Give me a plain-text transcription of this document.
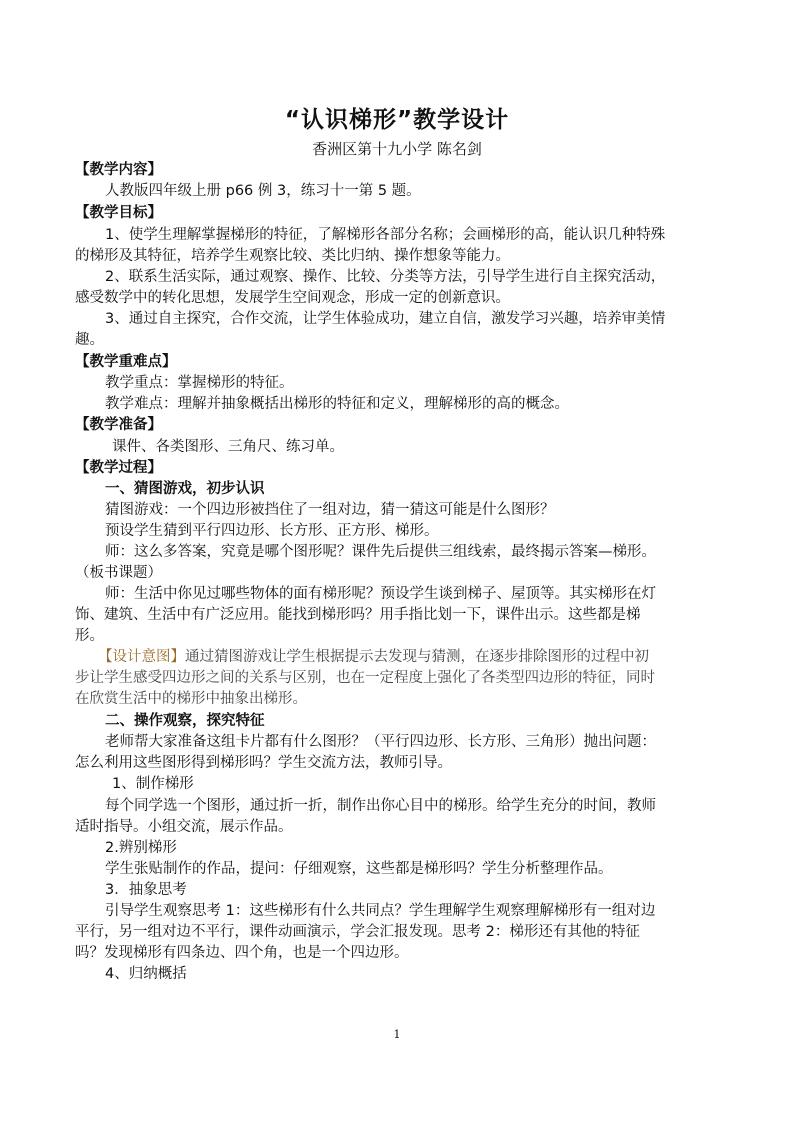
“认识梯形”教学设计
香洲区第十九小学 陈名剑
【教学内容】
人教版四年级上册 p66 例 3，练习十一第 5 题。
【教学目标】
1、使学生理解掌握梯形的特征，了解梯形各部分名称；会画梯形的高，能认识几种特殊
的梯形及其特征，培养学生观察比较、类比归纳、操作想象等能力。
2、联系生活实际，通过观察、操作、比较、分类等方法，引导学生进行自主探究活动，
感受数学中的转化思想，发展学生空间观念，形成一定的创新意识。
3、通过自主探究，合作交流，让学生体验成功，建立自信，激发学习兴趣，培养审美情
趣。
【教学重难点】
教学重点：掌握梯形的特征。
教学难点：理解并抽象概括出梯形的特征和定义，理解梯形的高的概念。
【教学准备】
课件、各类图形、三角尺、练习单。
【教学过程】
一、猜图游戏，初步认识
猜图游戏：一个四边形被挡住了一组对边，猜一猜这可能是什么图形？
预设学生猜到平行四边形、长方形、正方形、梯形。
师：这么多答案，究竟是哪个图形呢？课件先后提供三组线索，最终揭示答案—梯形。
（板书课题）
师：生活中你见过哪些物体的面有梯形呢？预设学生谈到梯子、屋顶等。其实梯形在灯
饰、建筑、生活中有广泛应用。能找到梯形吗？用手指比划一下，课件出示。这些都是梯
形。
【设计意图】通过猜图游戏让学生根据提示去发现与猜测，在逐步排除图形的过程中初
步让学生感受四边形之间的关系与区别，也在一定程度上强化了各类型四边形的特征，同时
在欣赏生活中的梯形中抽象出梯形。
二、操作观察，探究特征
老师帮大家准备这组卡片都有什么图形？（平行四边形、长方形、三角形）抛出问题：
怎么利用这些图形得到梯形吗？学生交流方法，教师引导。
1、制作梯形
每个同学选一个图形，通过折一折，制作出你心目中的梯形。给学生充分的时间，教师
适时指导。小组交流，展示作品。
2.辨别梯形
学生张贴制作的作品，提问：仔细观察，这些都是梯形吗？学生分析整理作品。
3．抽象思考
引导学生观察思考 1：这些梯形有什么共同点？学生理解学生观察理解梯形有一组对边
平行，另一组对边不平行，课件动画演示，学会汇报发现。思考 2：梯形还有其他的特征
吗？发现梯形有四条边、四个角，也是一个四边形。
4、归纳概括
1
